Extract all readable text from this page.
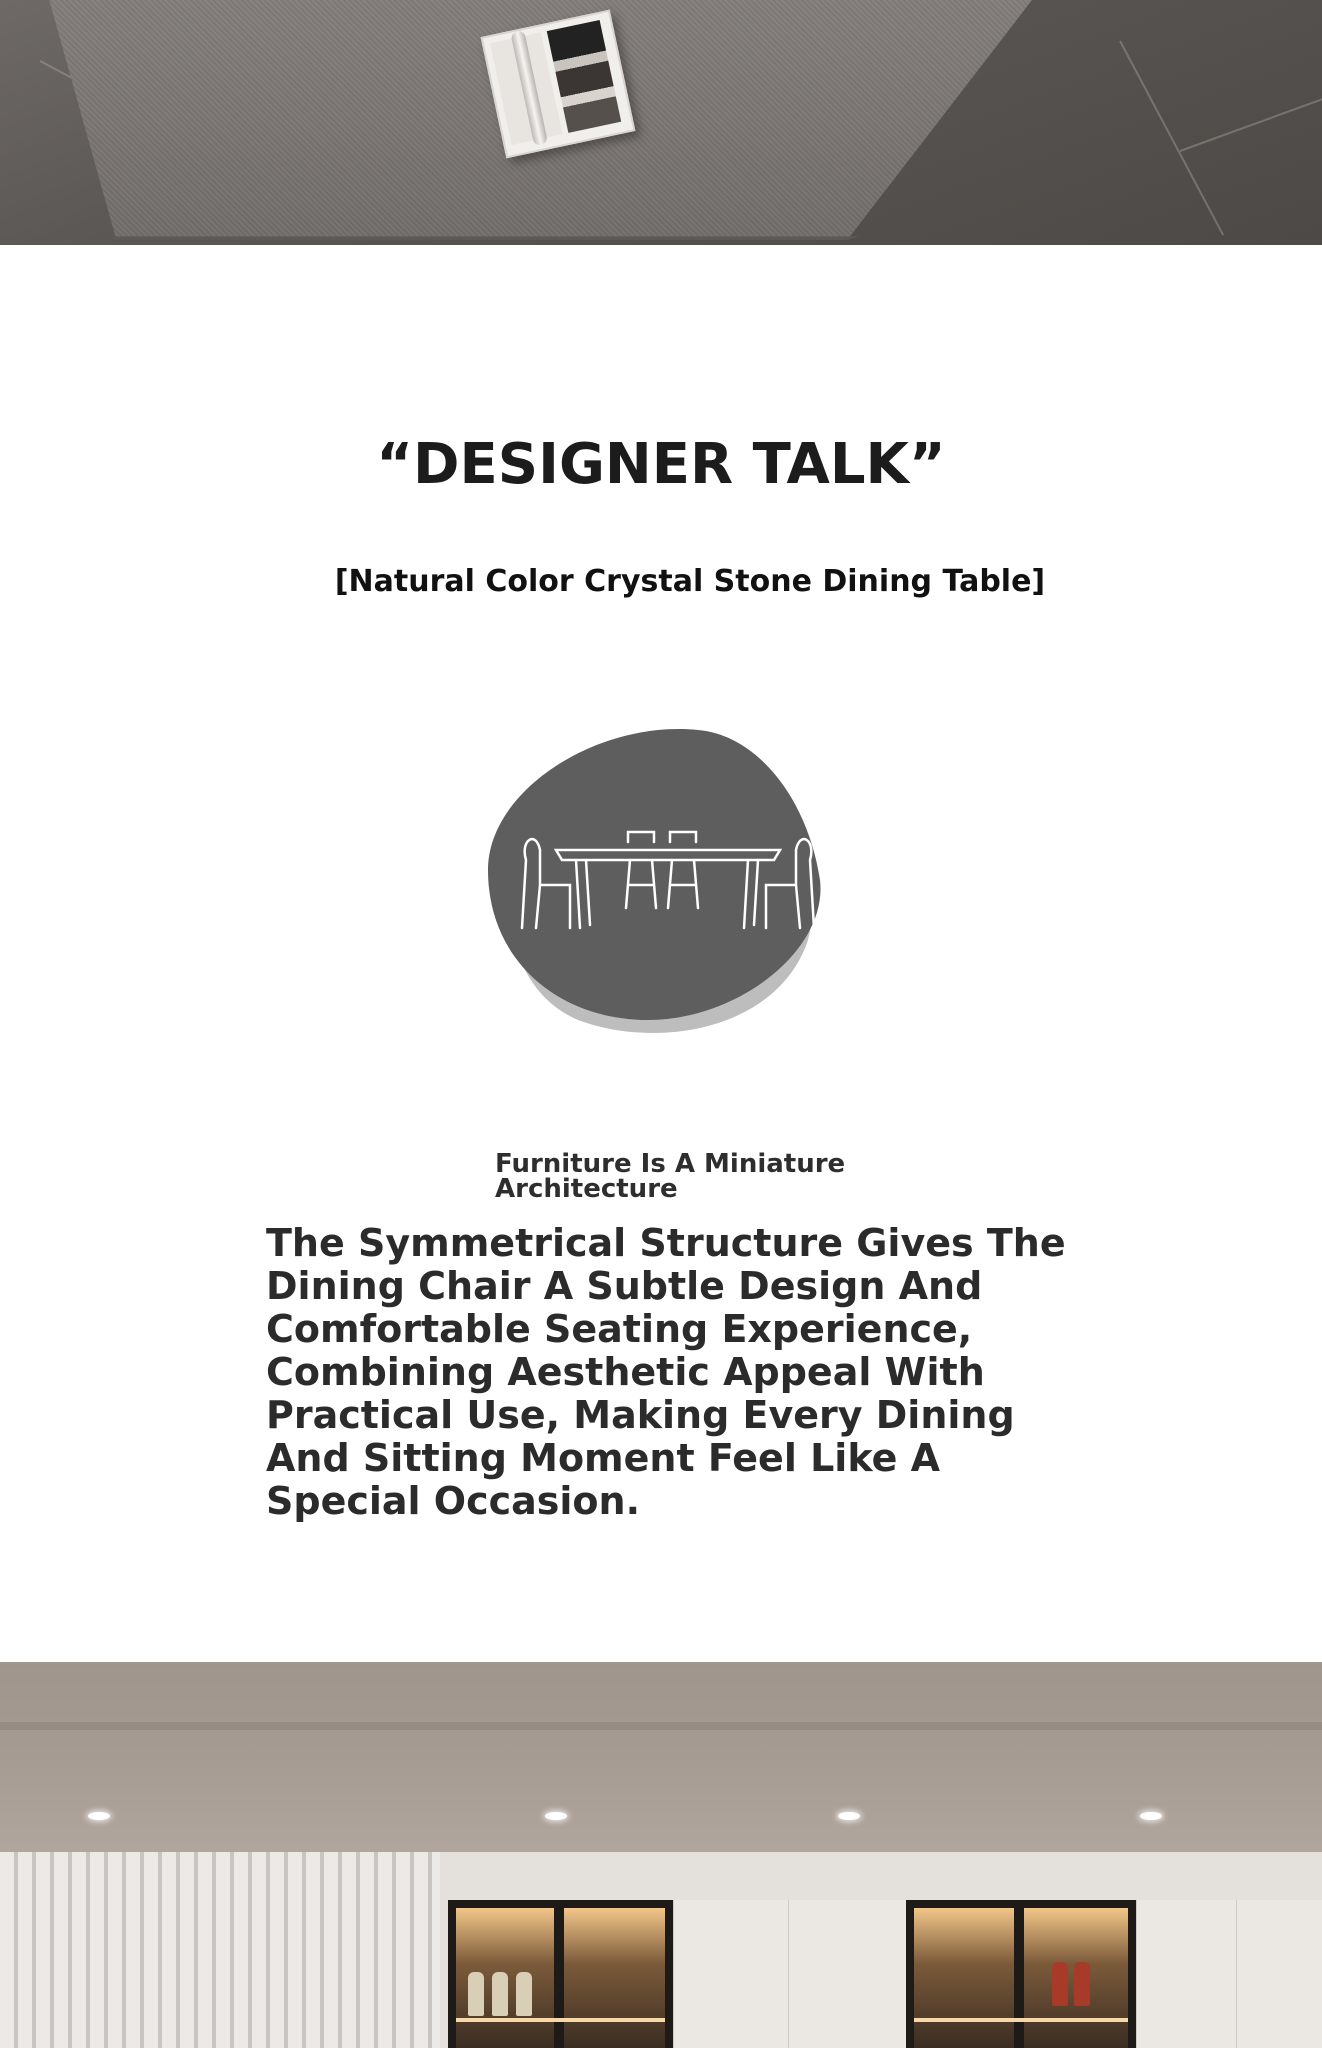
“DESIGNER TALK”
[Natural Color Crystal Stone Dining Table]
Furniture Is A Miniature Architecture
The Symmetrical Structure Gives The Dining Chair A Subtle Design And Comfortable Seating Experience, Combining Aesthetic Appeal With Practical Use, Making Every Dining And Sitting Moment Feel Like A Special Occasion.
